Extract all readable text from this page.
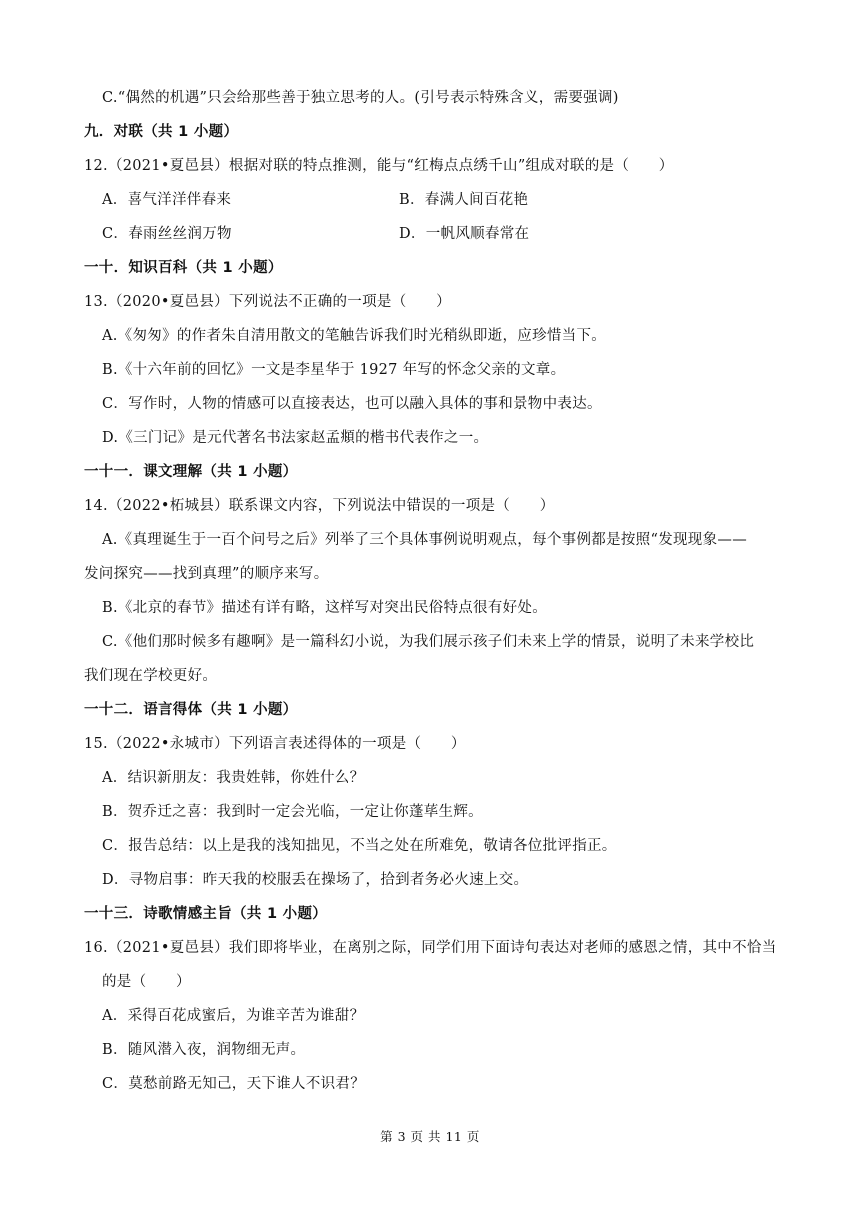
C.“偶然的机遇”只会给那些善于独立思考的人。(引号表示特殊含义，需要强调)
九．对联（共 1 小题）
12.（2021•夏邑县）根据对联的特点推测，能与“红梅点点绣千山”组成对联的是（　　）
A．喜气洋洋伴春来	B．春满人间百花艳
C．春雨丝丝润万物	D．一帆风顺春常在
一十．知识百科（共 1 小题）
13.（2020•夏邑县）下列说法不正确的一项是（　　）
A.《匆匆》的作者朱自清用散文的笔触告诉我们时光稍纵即逝，应珍惜当下。
B.《十六年前的回忆》一文是李星华于 1927 年写的怀念父亲的文章。
C．写作时，人物的情感可以直接表达，也可以融入具体的事和景物中表达。
D.《三门记》是元代著名书法家赵孟頫的楷书代表作之一。
一十一．课文理解（共 1 小题）
14.（2022•柘城县）联系课文内容，下列说法中错误的一项是（　　）
A.《真理诞生于一百个问号之后》列举了三个具体事例说明观点，每个事例都是按照“发现现象——
发问探究——找到真理”的顺序来写。
B.《北京的春节》描述有详有略，这样写对突出民俗特点很有好处。
C.《他们那时候多有趣啊》是一篇科幻小说，为我们展示孩子们未来上学的情景，说明了未来学校比
我们现在学校更好。
一十二．语言得体（共 1 小题）
15.（2022•永城市）下列语言表述得体的一项是（　　）
A．结识新朋友：我贵姓韩，你姓什么？
B．贺乔迁之喜：我到时一定会光临，一定让你蓬荜生辉。
C．报告总结：以上是我的浅知拙见，不当之处在所难免，敬请各位批评指正。
D．寻物启事：昨天我的校服丢在操场了，拾到者务必火速上交。
一十三．诗歌情感主旨（共 1 小题）
16.（2021•夏邑县）我们即将毕业，在离别之际，同学们用下面诗句表达对老师的感恩之情，其中不恰当
的是（　　）
A．采得百花成蜜后，为谁辛苦为谁甜？
B．随风潜入夜，润物细无声。
C．莫愁前路无知己，天下谁人不识君？
第 3 页 共 11 页
